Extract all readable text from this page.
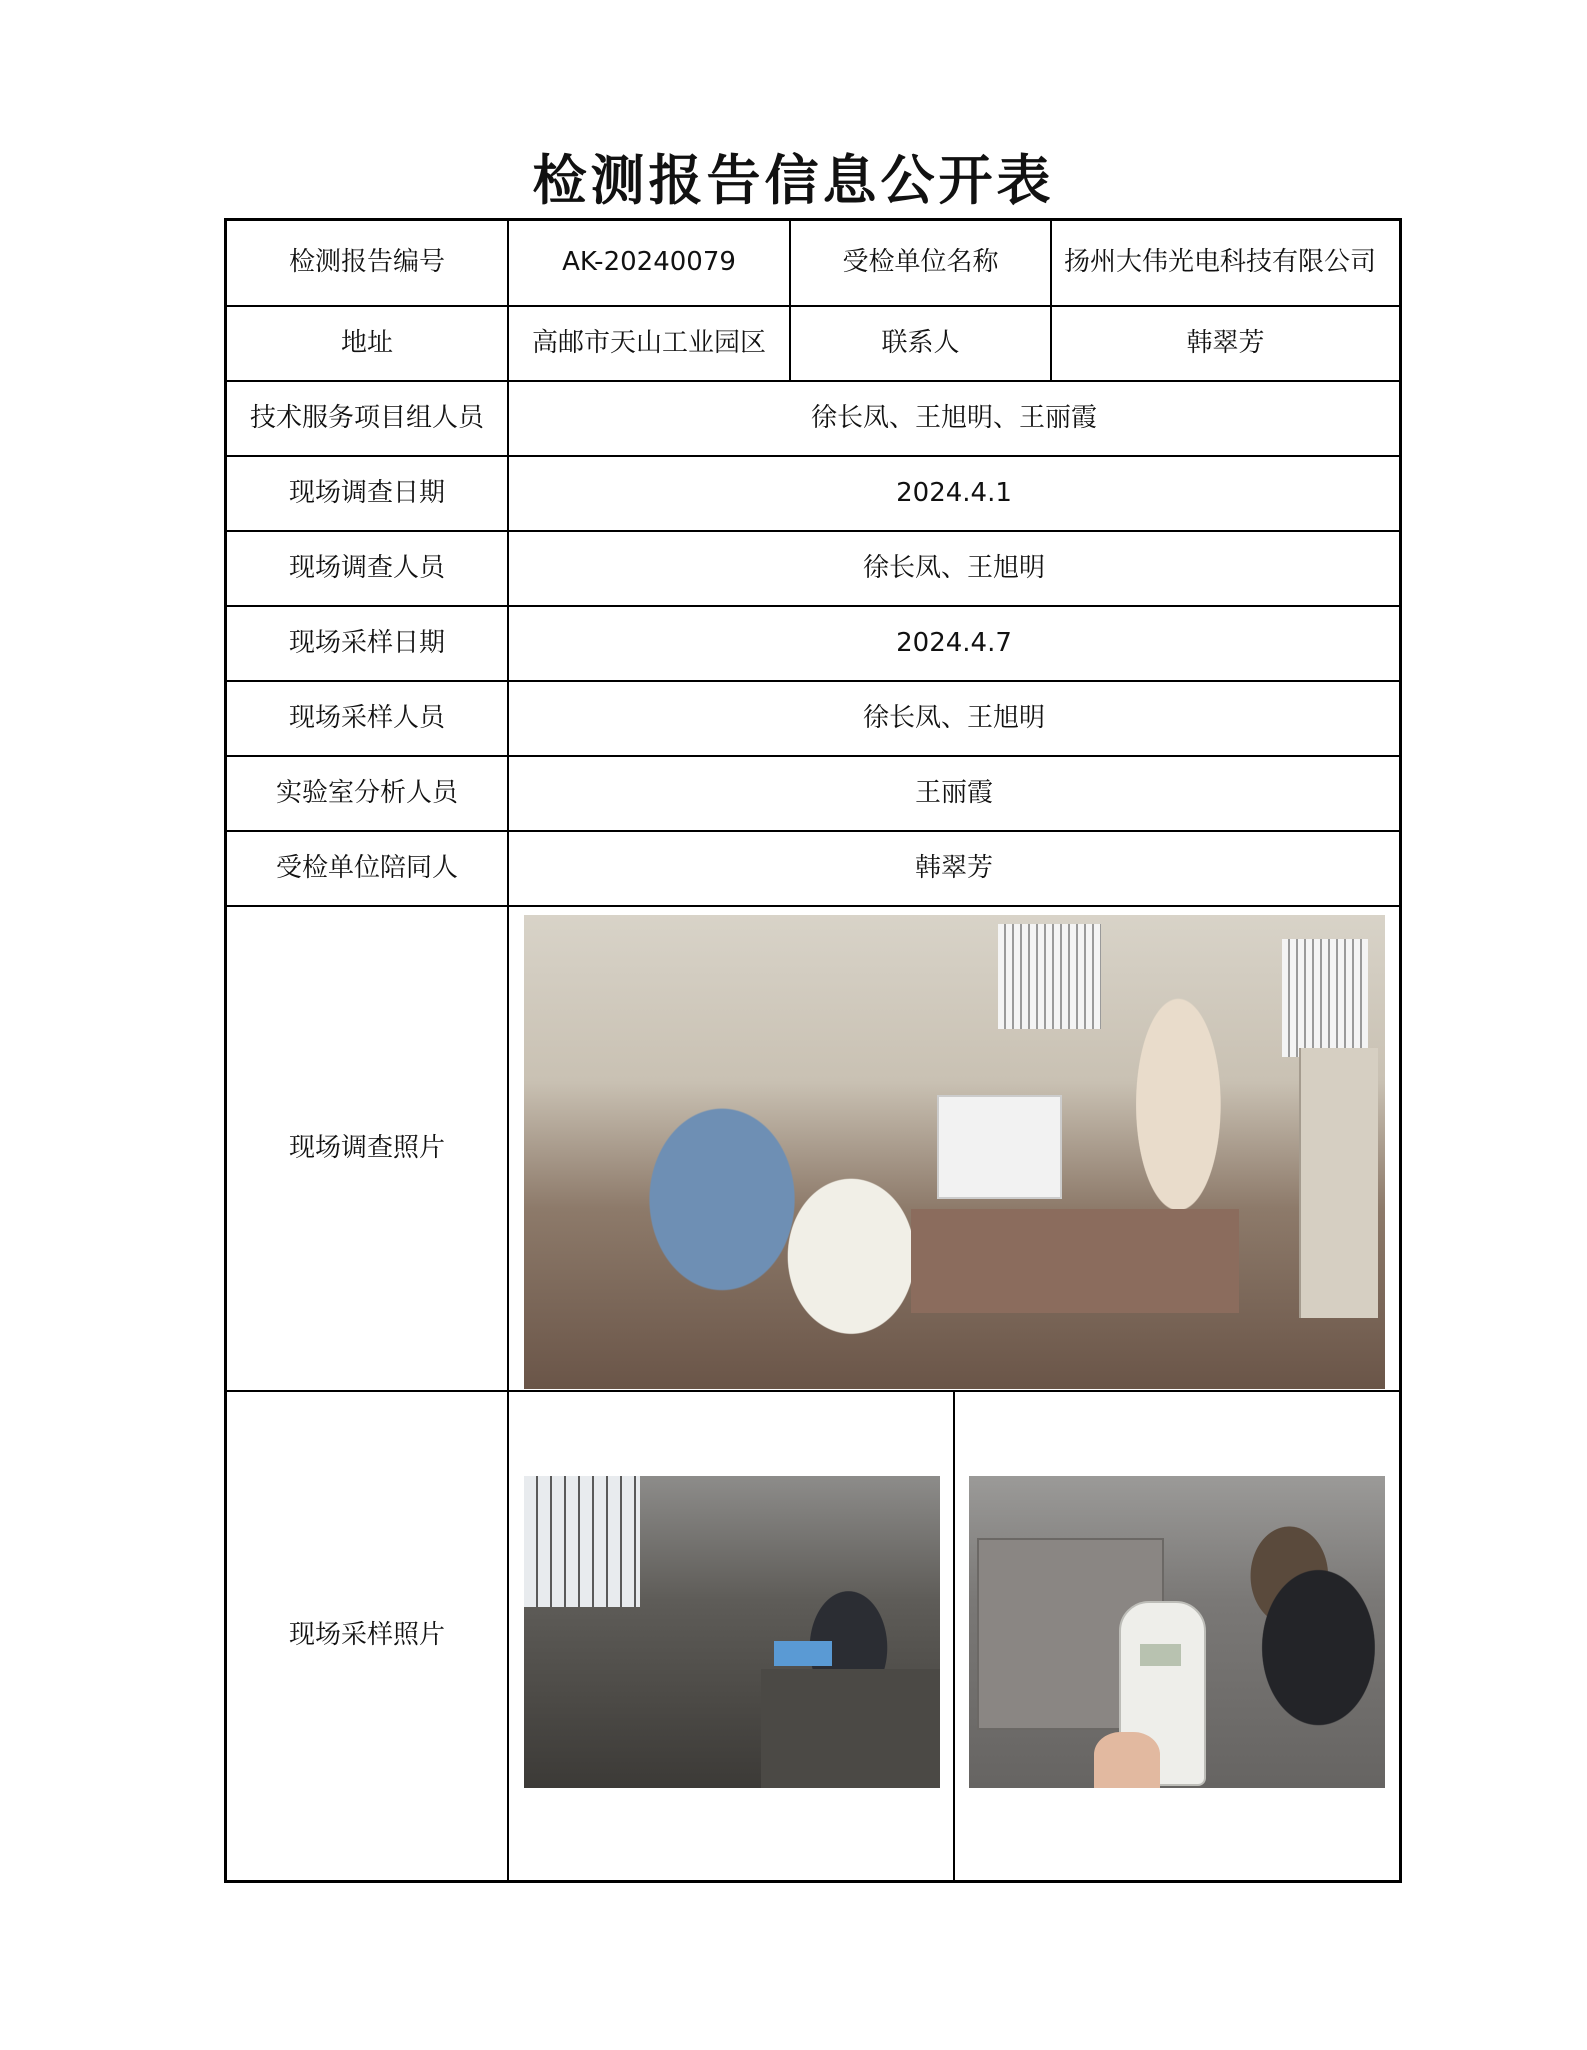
检测报告信息公开表
检测报告编号	AK-20240079	受检单位名称	扬州大伟光电科技有限公司
地址	高邮市天山工业园区	联系人	韩翠芳
技术服务项目组人员	徐长凤、王旭明、王丽霞
现场调查日期	2024.4.1
现场调查人员	徐长凤、王旭明
现场采样日期	2024.4.7
现场采样人员	徐长凤、王旭明
实验室分析人员	王丽霞
受检单位陪同人	韩翠芳
现场调查照片
现场采样照片
